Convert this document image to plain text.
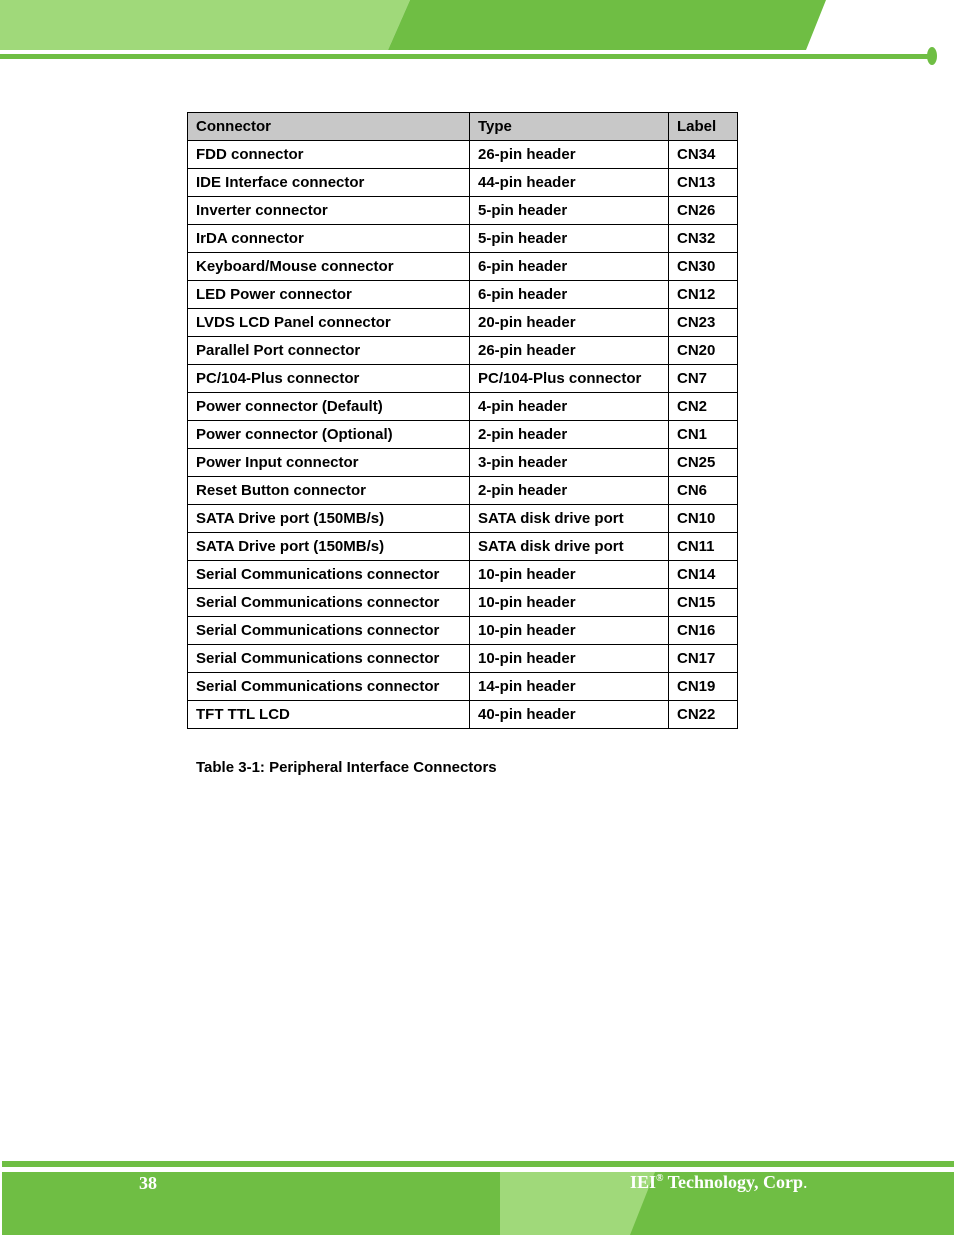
Connector	Type	Label
FDD connector	26-pin header	CN34
IDE Interface connector	44-pin header	CN13
Inverter connector	5-pin header	CN26
IrDA connector	5-pin header	CN32
Keyboard/Mouse connector	6-pin header	CN30
LED Power connector	6-pin header	CN12
LVDS LCD Panel connector	20-pin header	CN23
Parallel Port connector	26-pin header	CN20
PC/104-Plus connector	PC/104-Plus connector	CN7
Power connector (Default)	4-pin header	CN2
Power connector (Optional)	2-pin header	CN1
Power Input connector	3-pin header	CN25
Reset Button connector	2-pin header	CN6
SATA Drive port (150MB/s)	SATA disk drive port	CN10
SATA Drive port (150MB/s)	SATA disk drive port	CN11
Serial Communications connector	10-pin header	CN14
Serial Communications connector	10-pin header	CN15
Serial Communications connector	10-pin header	CN16
Serial Communications connector	10-pin header	CN17
Serial Communications connector	14-pin header	CN19
TFT TTL LCD	40-pin header	CN22
Table 3-1: Peripheral Interface Connectors
38	IEI® Technology, Corp.
